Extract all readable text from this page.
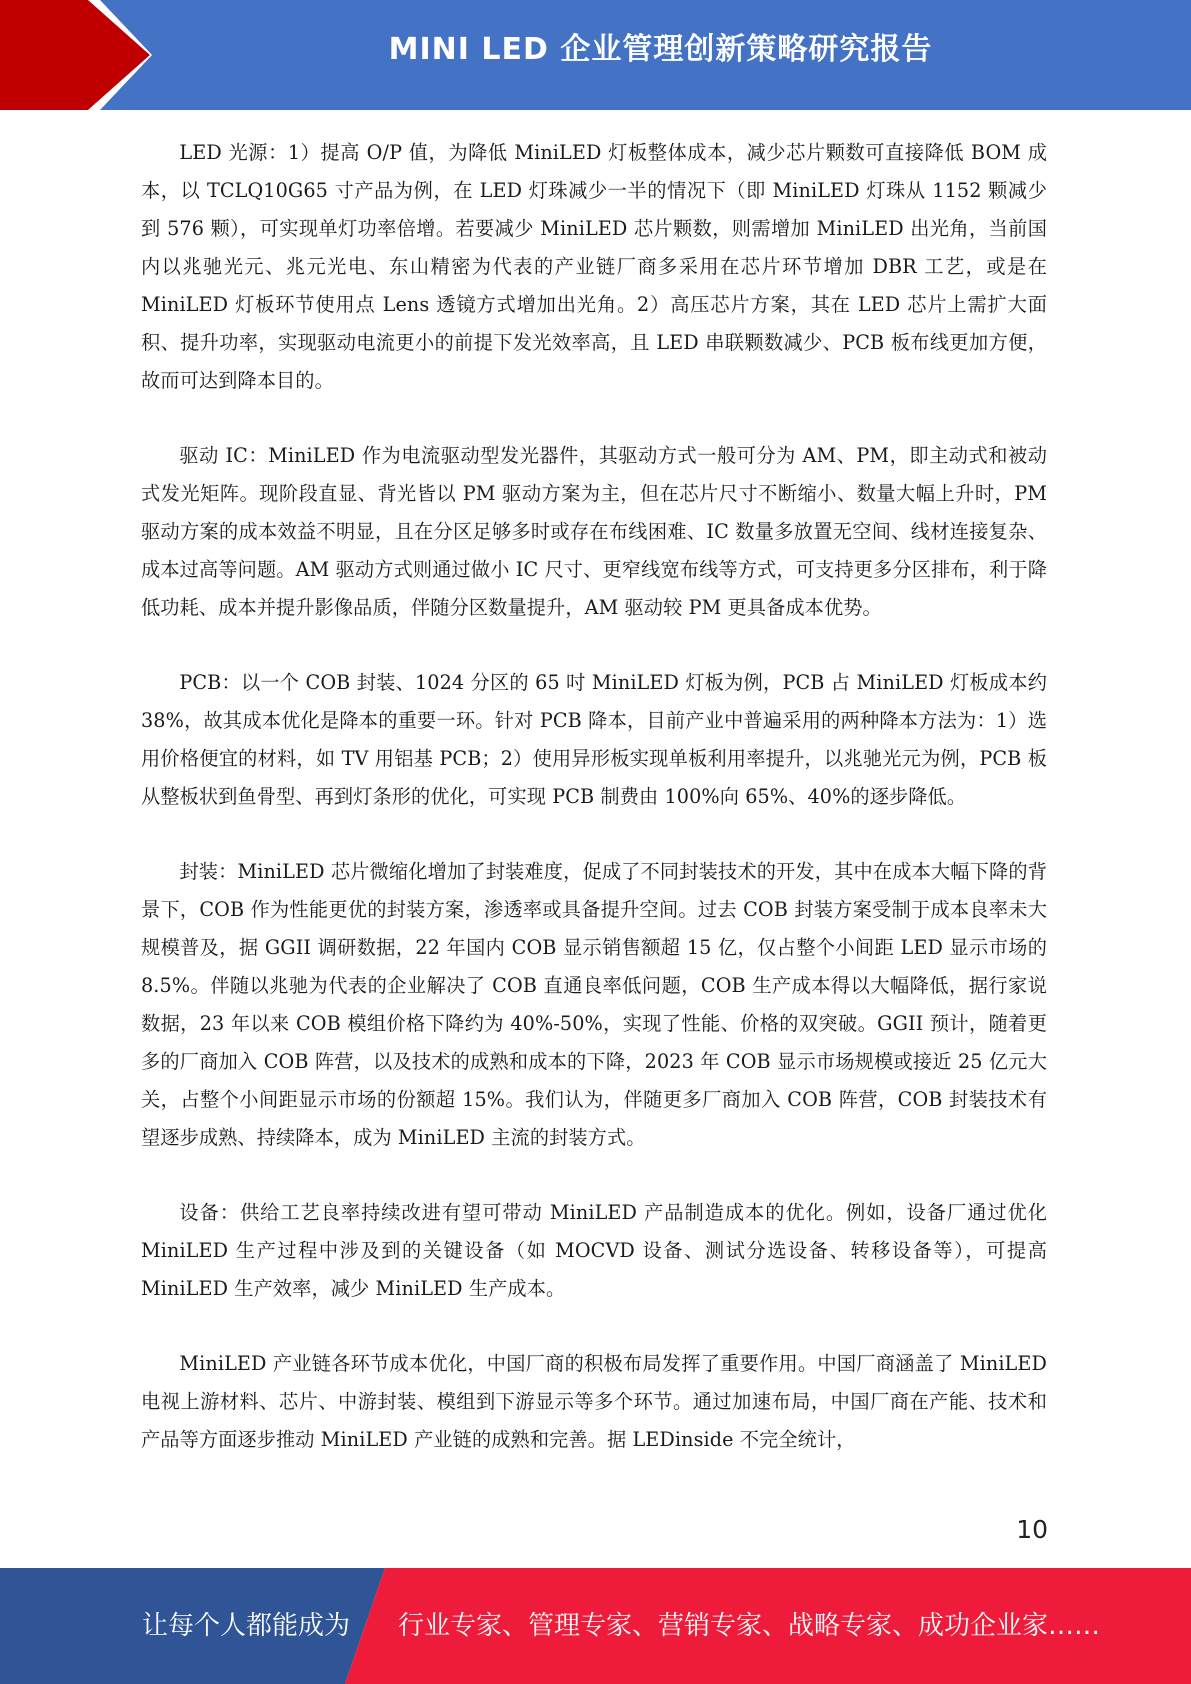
MINI LED 企业管理创新策略研究报告

LED 光源：1）提高 O/P 值，为降低 MiniLED 灯板整体成本，减少芯片颗数可直接降低 BOM 成本，以 TCLQ10G65 寸产品为例，在 LED 灯珠减少一半的情况下（即 MiniLED 灯珠从 1152 颗减少到 576 颗），可实现单灯功率倍增。若要减少 MiniLED 芯片颗数，则需增加 MiniLED 出光角，当前国内以兆驰光元、兆元光电、东山精密为代表的产业链厂商多采用在芯片环节增加 DBR 工艺，或是在 MiniLED 灯板环节使用点 Lens 透镜方式增加出光角。2）高压芯片方案，其在 LED 芯片上需扩大面积、提升功率，实现驱动电流更小的前提下发光效率高，且 LED 串联颗数减少、PCB 板布线更加方便，故而可达到降本目的。

驱动 IC：MiniLED 作为电流驱动型发光器件，其驱动方式一般可分为 AM、PM，即主动式和被动式发光矩阵。现阶段直显、背光皆以 PM 驱动方案为主，但在芯片尺寸不断缩小、数量大幅上升时，PM 驱动方案的成本效益不明显，且在分区足够多时或存在布线困难、IC 数量多放置无空间、线材连接复杂、成本过高等问题。AM 驱动方式则通过做小 IC 尺寸、更窄线宽布线等方式，可支持更多分区排布，利于降低功耗、成本并提升影像品质，伴随分区数量提升，AM 驱动较 PM 更具备成本优势。

PCB：以一个 COB 封装、1024 分区的 65 吋 MiniLED 灯板为例，PCB 占 MiniLED 灯板成本约 38%，故其成本优化是降本的重要一环。针对 PCB 降本，目前产业中普遍采用的两种降本方法为：1）选用价格便宜的材料，如 TV 用铝基 PCB；2）使用异形板实现单板利用率提升，以兆驰光元为例，PCB 板从整板状到鱼骨型、再到灯条形的优化，可实现 PCB 制费由 100%向 65%、40%的逐步降低。

封装：MiniLED 芯片微缩化增加了封装难度，促成了不同封装技术的开发，其中在成本大幅下降的背景下，COB 作为性能更优的封装方案，渗透率或具备提升空间。过去 COB 封装方案受制于成本良率未大规模普及，据 GGII 调研数据，22 年国内 COB 显示销售额超 15 亿，仅占整个小间距 LED 显示市场的 8.5%。伴随以兆驰为代表的企业解决了 COB 直通良率低问题，COB 生产成本得以大幅降低，据行家说数据，23 年以来 COB 模组价格下降约为 40%-50%，实现了性能、价格的双突破。GGII 预计，随着更多的厂商加入 COB 阵营，以及技术的成熟和成本的下降，2023 年 COB 显示市场规模或接近 25 亿元大关，占整个小间距显示市场的份额超 15%。我们认为，伴随更多厂商加入 COB 阵营，COB 封装技术有望逐步成熟、持续降本，成为 MiniLED 主流的封装方式。

设备：供给工艺良率持续改进有望可带动 MiniLED 产品制造成本的优化。例如，设备厂通过优化 MiniLED 生产过程中涉及到的关键设备（如 MOCVD 设备、测试分选设备、转移设备等），可提高 MiniLED 生产效率，减少 MiniLED 生产成本。

MiniLED 产业链各环节成本优化，中国厂商的积极布局发挥了重要作用。中国厂商涵盖了 MiniLED 电视上游材料、芯片、中游封装、模组到下游显示等多个环节。通过加速布局，中国厂商在产能、技术和产品等方面逐步推动 MiniLED 产业链的成熟和完善。据 LEDinside 不完全统计，

10
让每个人都能成为 行业专家、管理专家、营销专家、战略专家、成功企业家……
